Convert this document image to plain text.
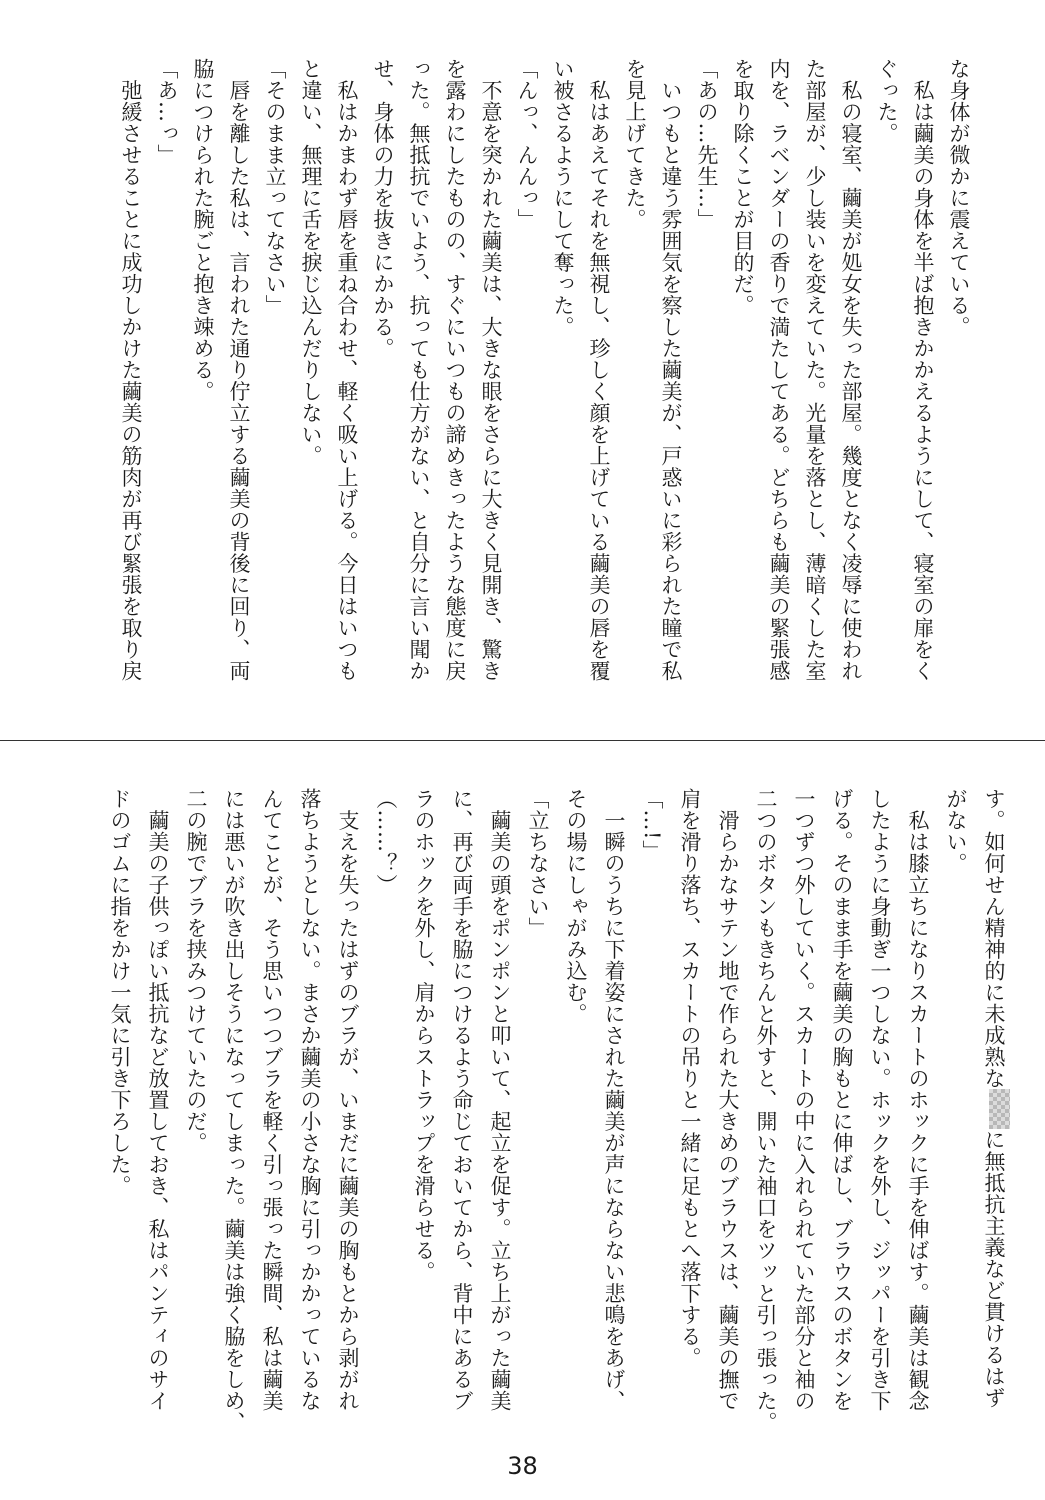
な身体が微かに震えている。
　私は繭美の身体を半ば抱きかかえるようにして、寝室の扉をく
ぐった。
　私の寝室、繭美が処女を失った部屋。幾度となく凌辱に使われ
た部屋が、少し装いを変えていた。光量を落とし、薄暗くした室
内を、ラベンダーの香りで満たしてある。どちらも繭美の緊張感
を取り除くことが目的だ。
「あの…先生…」
　いつもと違う雰囲気を察した繭美が、戸惑いに彩られた瞳で私
を見上げてきた。
　私はあえてそれを無視し、珍しく顔を上げている繭美の唇を覆
い被さるようにして奪った。
「んっ、んんっ」
　不意を突かれた繭美は、大きな眼をさらに大きく見開き、驚き
を露わにしたものの、すぐにいつもの諦めきったような態度に戻
った。無抵抗でいよう、抗っても仕方がない、と自分に言い聞か
せ、身体の力を抜きにかかる。
　私はかまわず唇を重ね合わせ、軽く吸い上げる。今日はいつも
と違い、無理に舌を捩じ込んだりしない。
「そのまま立ってなさい」
　唇を離した私は、言われた通り佇立する繭美の背後に回り、両
脇につけられた腕ごと抱き竦める。
「あ…っ」
　弛緩させることに成功しかけた繭美の筋肉が再び緊張を取り戻
す。如何せん精神的に未成熟なに無抵抗主義など貫けるはず
がない。
　私は膝立ちになりスカートのホックに手を伸ばす。繭美は観念
したように身動ぎ一つしない。ホックを外し、ジッパーを引き下
げる。そのまま手を繭美の胸もとに伸ばし、ブラウスのボタンを
一つずつ外していく。スカートの中に入れられていた部分と袖の
二つのボタンもきちんと外すと、開いた袖口をツッと引っ張った。
　滑らかなサテン地で作られた大きめのブラウスは、繭美の撫で
肩を滑り落ち、スカートの吊りと一緒に足もとへ落下する。
「…!」
　一瞬のうちに下着姿にされた繭美が声にならない悲鳴をあげ、
その場にしゃがみ込む。
「立ちなさい」
　繭美の頭をポンポンと叩いて、起立を促す。立ち上がった繭美
に、再び両手を脇につけるよう命じておいてから、背中にあるブ
ラのホックを外し、肩からストラップを滑らせる。
（……？）
　支えを失ったはずのブラが、いまだに繭美の胸もとから剥がれ
落ちようとしない。まさか繭美の小さな胸に引っかかっているな
んてことが、そう思いつつブラを軽く引っ張った瞬間、私は繭美
には悪いが吹き出しそうになってしまった。繭美は強く脇をしめ、
二の腕でブラを挟みつけていたのだ。
　繭美の子供っぽい抵抗など放置しておき、私はパンティのサイ
ドのゴムに指をかけ一気に引き下ろした。
38
